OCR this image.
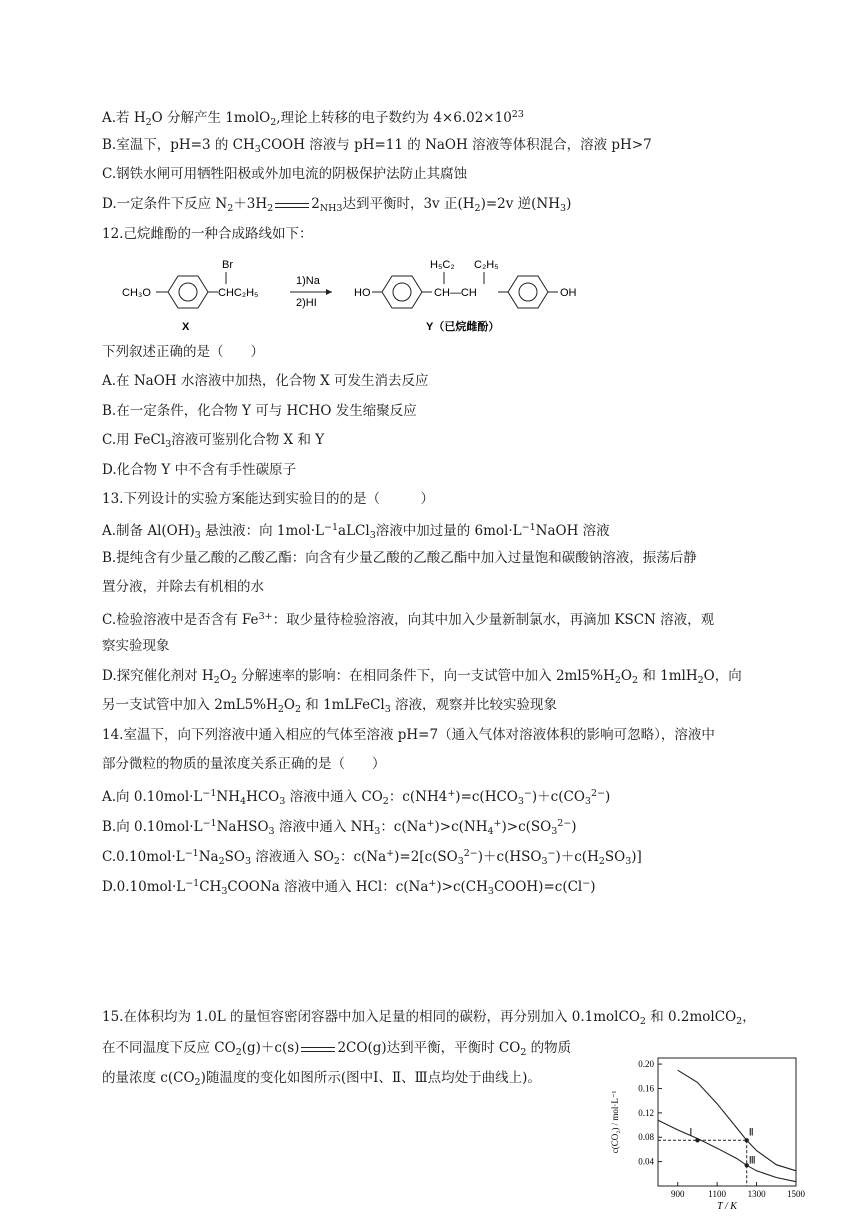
A.若 $H_2O$ 分解产生 1molO$_2$,理论上转移的电子数约为 $4\times 6.02\times 10^{23}$
B.室温下，pH=3 的 $CH_3COOH$ 溶液与 pH=11 的 NaOH 溶液等体积混合，溶液 pH>7
C.钢铁水闸可用牺牲阳极或外加电流的阴极保护法防止其腐蚀
D.一定条件下反应 $N_2+3H_2$	$2_{NH3}$达到平衡时，3v 正$(H_2)=2v$ 逆$(NH_3)$
12.己烷雌酚的一种合成路线如下：
CH₃O
Br
CHC₂H₅
X
1)Na
2)HI
HO
H₅C₂ C₂H₅
CH—CH	OH
Y（已烷雌酚）
下列叙述正确的是（　　）
A.在 NaOH 水溶液中加热，化合物 X 可发生消去反应
B.在一定条件，化合物 Y 可与 HCHO 发生缩聚反应
C.用 FeCl$_3$溶液可鉴别化合物 X 和 Y
D.化合物 Y 中不含有手性碳原子
13.下列设计的实验方案能达到实验目的的是（　　　）
A.制备 $Al(OH)_3$ 悬浊液：向 $1mol\cdot L^{-1}aLCl_3$溶液中加过量的 $6mol\cdot L^{-1}NaOH$ 溶液
B.提纯含有少量乙酸的乙酸乙酯：向含有少量乙酸的乙酸乙酯中加入过量饱和碳酸钠溶液，振荡后静
置分液，并除去有机相的水
C.检验溶液中是否含有 $Fe^{3+}$：取少量待检验溶液，向其中加入少量新制氯水，再滴加 KSCN 溶液，观
察实验现象
D.探究催化剂对 $H_2O_2$ 分解速率的影响：在相同条件下，向一支试管中加入 $2ml5\%H_2O_2$ 和 1mlH$_2$O，向
另一支试管中加入 $2mL5\%H_2O_2$ 和 1mLFeCl$_3$ 溶液，观察并比较实验现象
14.室温下，向下列溶液中通入相应的气体至溶液 pH=7（通入气体对溶液体积的影响可忽略），溶液中
部分微粒的物质的量浓度关系正确的是（　　）
A.向 $0.10mol\cdot L^{-1}NH_4HCO_3$ 溶液中通入 $CO_2$：$c(NH4^+)=c(HCO_3^-)+c(CO_3^{2-})$
B.向 $0.10mol\cdot L^{-1}NaHSO_3$ 溶液中通入 $NH_3$：$c(Na^+)>c(NH_4^+)>c(SO_3^{2-})$
$C.0.10mol\cdot L^{-1}Na_2SO_3$ 溶液通入 $SO_2$：$c(Na^+)=2[c(SO_3^{2-})+c(HSO_3^-)+c(H_2SO_3)]$
$D.0.10mol\cdot L^{-1}CH_3COONa$ 溶液中通入 HCl：$c(Na^+)>c(CH_3COOH)=c(Cl^-)$
15.在体积均为 1.0L 的量恒容密闭容器中加入足量的相同的碳粉，再分别加入 0.1molCO$_2$ 和 0.2molCO$_2$，
在不同温度下反应 $CO_2(g)+c(s)$	2CO(g)达到平衡，平衡时 $CO_2$ 的物质
的量浓度 $c(CO_2)$随温度的变化如图所示(图中Ⅰ、Ⅱ、Ⅲ点均处于曲线上)。
0.04
0.08
0.12
0.16
0.20
900	1100 1300 1500
T / K
c(CO₂) / mol·L⁻¹	Ⅰ	Ⅱ
Ⅲ
